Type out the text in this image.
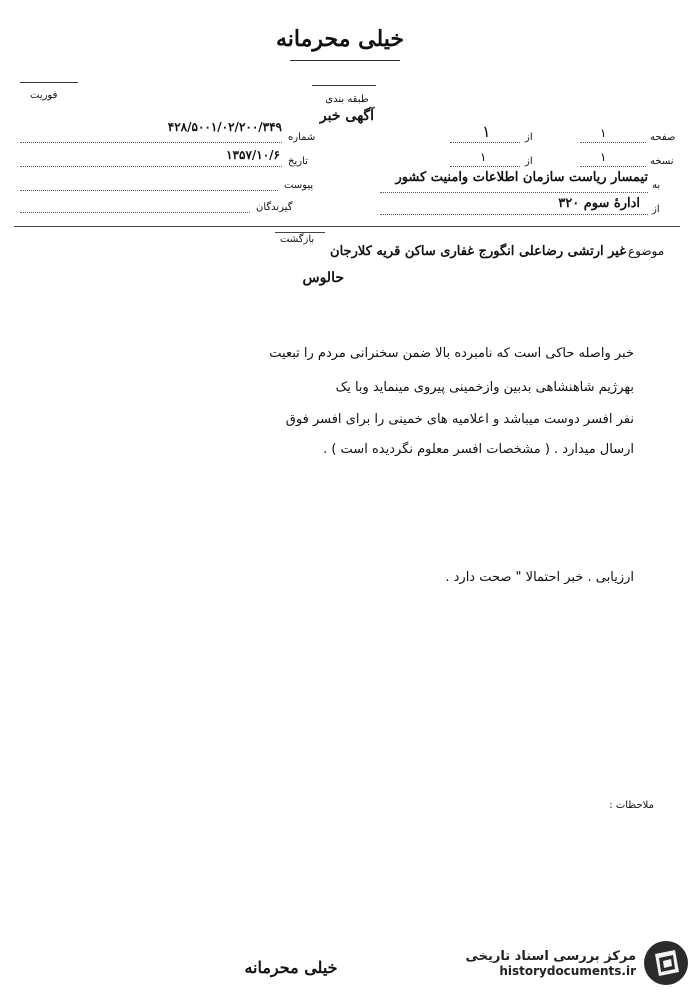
خیلی محرمانه
فوریت	طبقه بندی
آگهی خبر
صفحه
۱
از
۱
نسخه
۱
از
۱
به
تیمسار ریاست سازمان اطلاعات وامنیت کشور
از
ادارهٔ سوم ۳۲۰
شماره
۴۲۸/۵۰۰۱/۰۲/۲۰۰/۳۴۹
تاریخ
۱۳۵۷/۱۰/۶
پیوست
گیرندگان
بازگشت
موضوع
غیر ارتشی رضاعلی انگورج غفاری ساکن قریه کلارجان
حالوس
خبر واصله حاکی است که نامبرده بالا ضمن سخنرانی مردم را تبعیت
بهرژیم شاهنشاهی بدبین وازخمینی پیروی مینماید وبا یک
نفر افسر دوست میباشد و اعلامیه های خمینی را برای افسر فوق
ارسال میدارد . ( مشخصات افسر معلوم نگردیده است ) .
ارزیابی . خبر احتمالا " صحت دارد .
ملاحظات :
خیلی محرمانه
مرکز بررسی اسناد تاریخی
historydocuments.ir
